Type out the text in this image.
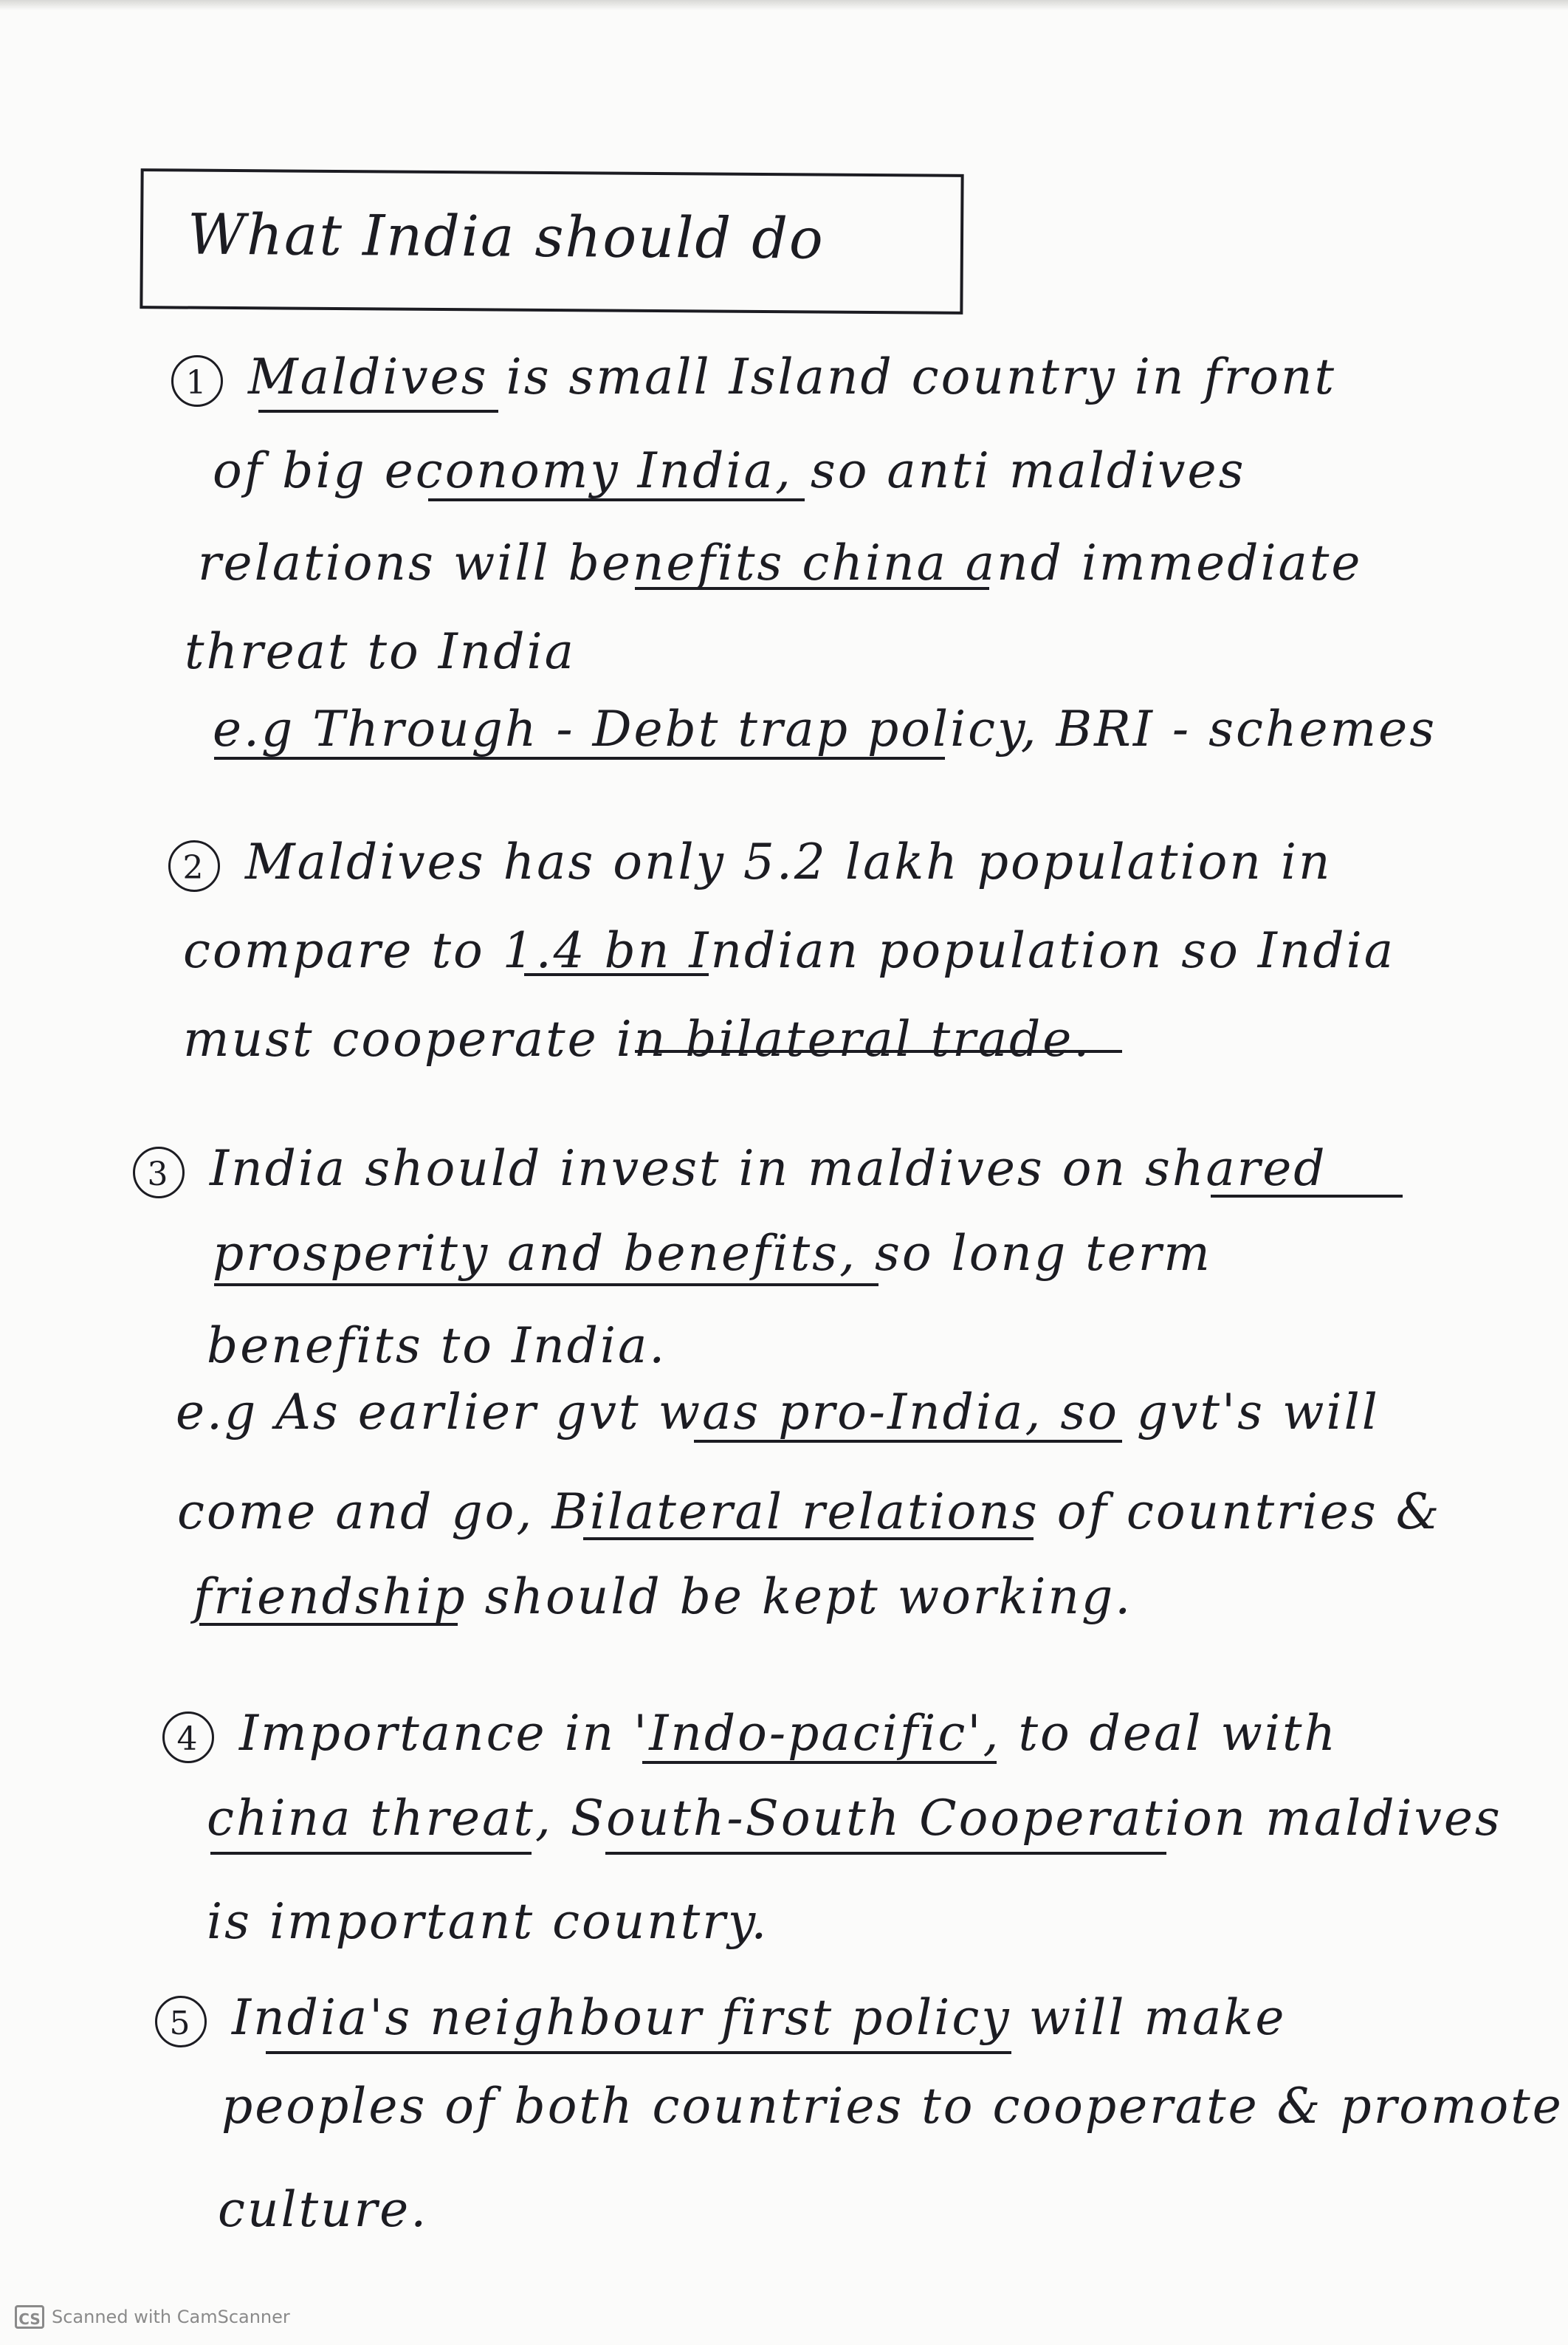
What India should do
1 Maldives is small Island country in front
of big economy India, so anti maldives
relations will benefits china and immediate
threat to India
e.g Through - Debt trap policy, BRI - schemes
2 Maldives has only 5.2 lakh population in
compare to 1.4 bn Indian population so India
must cooperate in bilateral trade.
3 India should invest in maldives on shared
prosperity and benefits, so long term
benefits to India.
e.g As earlier gvt was pro-India, so gvt's will
come and go, Bilateral relations of countries &
friendship should be kept working.
4 Importance in 'Indo-pacific', to deal with
china threat, South-South Cooperation maldives
is important country.
5 India's neighbour first policy will make
peoples of both countries to cooperate & promote
culture.
CS Scanned with CamScanner
